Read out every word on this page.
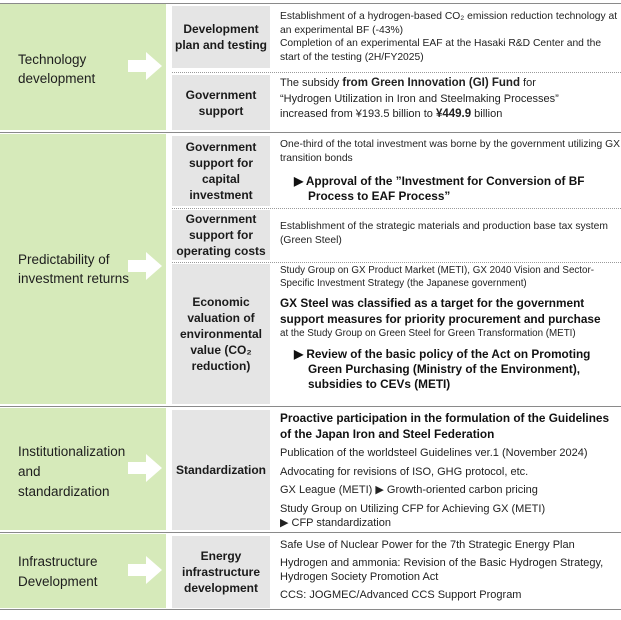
Technology development
Development plan and testing

Establishment of a hydrogen-based CO₂ emission reduction technology at an experimental BF (-43%)

Completion of an experimental EAF at the Hasaki R&D Center and the start of the testing (2H/FY2025)

Government support

The subsidy from Green Innovation (GI) Fund for

“Hydrogen Utilization in Iron and Steelmaking Processes”

increased from ¥193.5 billion to ¥449.9 billion

Predictability of investment returns
Government support for capital investment

One-third of the total investment was borne by the government utilizing GX transition bonds

▶ Approval of the ”Investment for Conversion of BF Process to EAF Process”

Government support for operating costs

Establishment of the strategic materials and production base tax system (Green Steel)

Economic valuation of environmental value (CO₂ reduction)

Study Group on GX Product Market (METI), GX 2040 Vision and Sector-Specific Investment Strategy (the Japanese government)

GX Steel was classified as a target for the government support measures for priority procurement and purchase

at the Study Group on Green Steel for Green Transformation (METI)

▶ Review of the basic policy of the Act on Promoting Green Purchasing (Ministry of the Environment), subsidies to CEVs (METI)

Institutionalization and standardization
Standardization

Proactive participation in the formulation of the Guidelines of the Japan Iron and Steel Federation

Publication of the worldsteel Guidelines ver.1 (November 2024)

Advocating for revisions of ISO, GHG protocol, etc.

GX League (METI) ▶ Growth-oriented carbon pricing

Study Group on Utilizing CFP for Achieving GX (METI) ▶ CFP standardization

Infrastructure Development
Energy infrastructure development

Safe Use of Nuclear Power for the 7th Strategic Energy Plan

Hydrogen and ammonia: Revision of the Basic Hydrogen Strategy, Hydrogen Society Promotion Act

CCS: JOGMEC/Advanced CCS Support Program
